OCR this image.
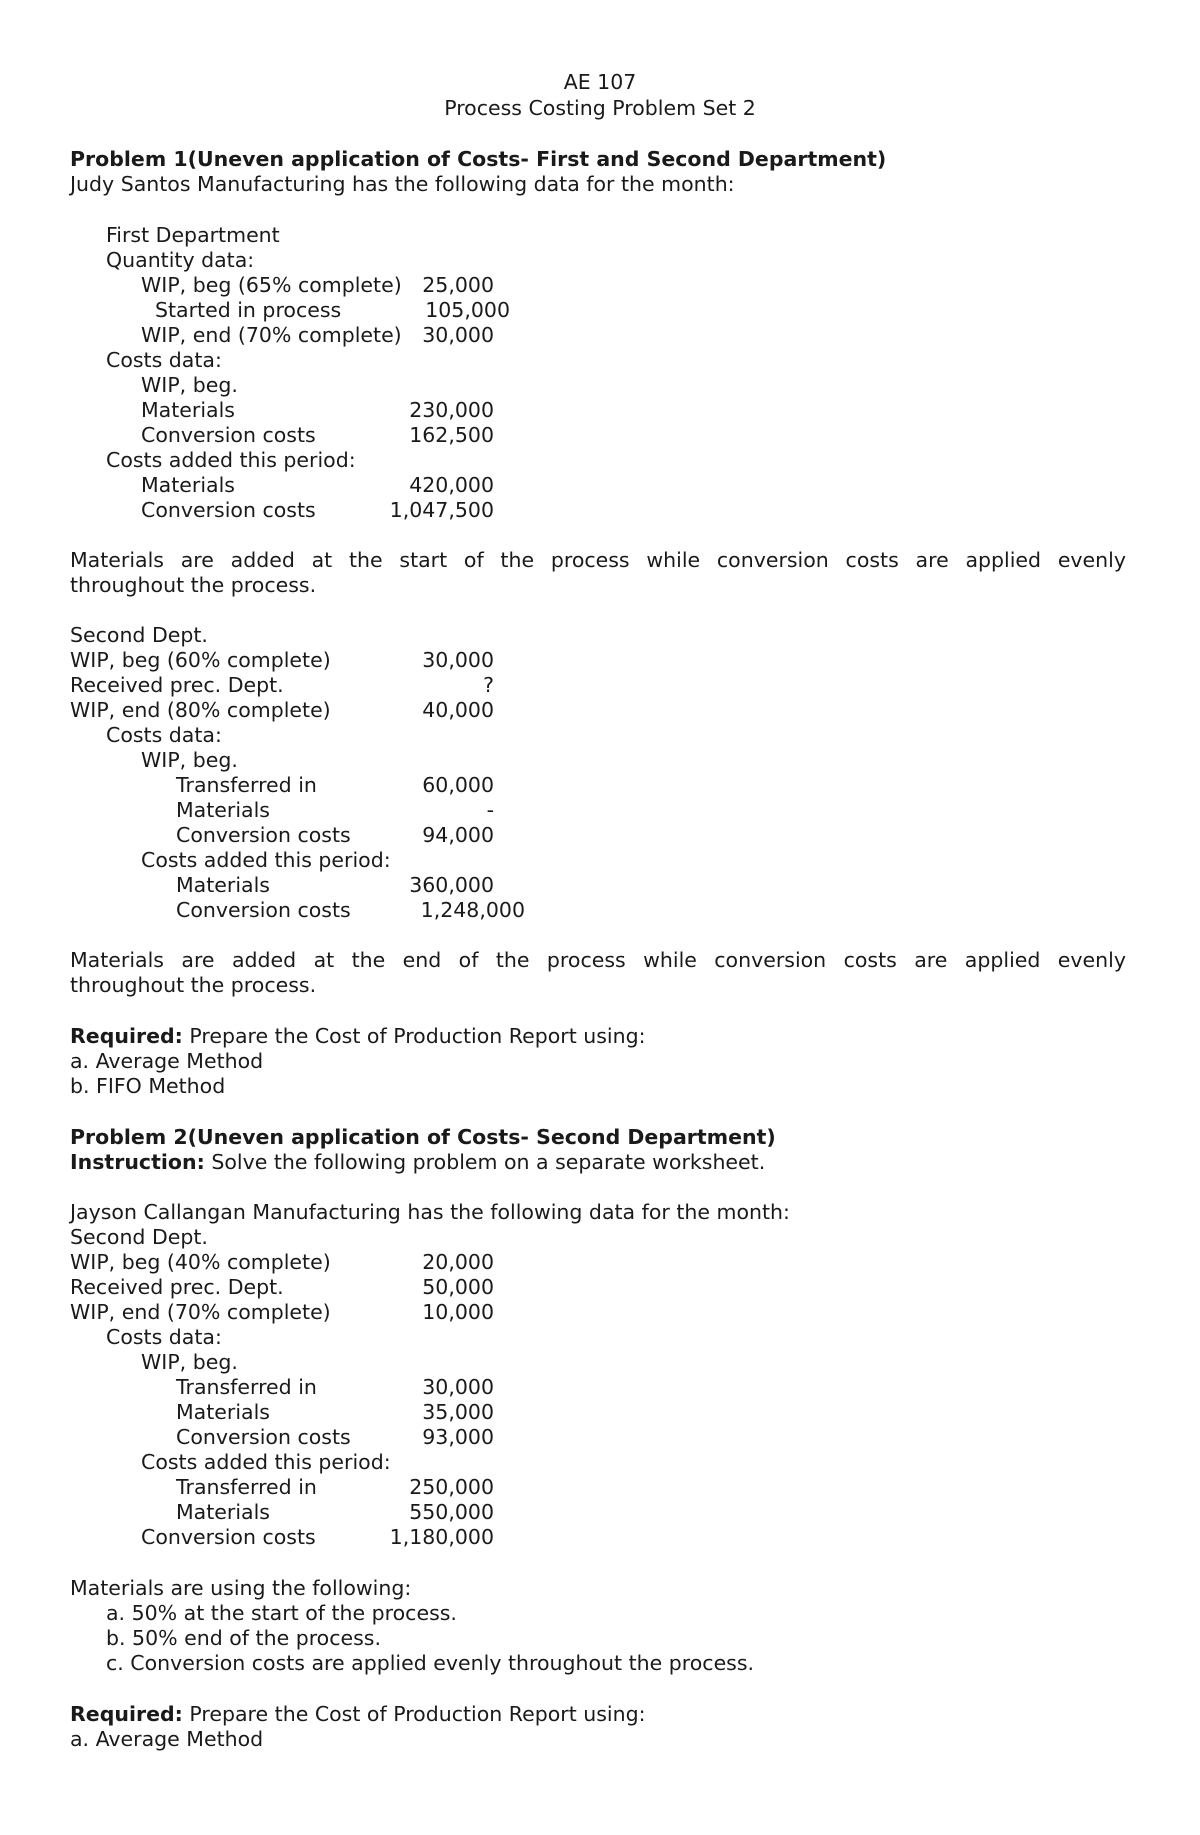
AE 107
Process Costing Problem Set 2
Problem 1(Uneven application of Costs- First and Second Department)
Judy Santos Manufacturing has the following data for the month:
First Department
Quantity data:
WIP, beg (65% complete) 25,000
Started in process	105,000
WIP, end (70% complete) 30,000
Costs data:
WIP, beg.
Materials	230,000
Conversion costs	162,500
Costs added this period:
Materials	420,000
Conversion costs	1,047,500
Materials are added at the start of the process while conversion costs are applied evenly
throughout the process.
Second Dept.
WIP, beg (60% complete)	30,000
Received prec. Dept.	?
WIP, end (80% complete)	40,000
Costs data:
WIP, beg.
Transferred in	60,000
Materials	-
Conversion costs	94,000
Costs added this period:
Materials	360,000
Conversion costs	1,248,000
Materials are added at the end of the process while conversion costs are applied evenly
throughout the process.
Required: Prepare the Cost of Production Report using:
a. Average Method
b. FIFO Method
Problem 2(Uneven application of Costs- Second Department)
Instruction: Solve the following problem on a separate worksheet.
Jayson Callangan Manufacturing has the following data for the month:
Second Dept.
WIP, beg (40% complete)	20,000
Received prec. Dept.	50,000
WIP, end (70% complete)	10,000
Costs data:
WIP, beg.
Transferred in	30,000
Materials	35,000
Conversion costs	93,000
Costs added this period:
Transferred in	250,000
Materials	550,000
Conversion costs	1,180,000
Materials are using the following:
a. 50% at the start of the process.
b. 50% end of the process.
c. Conversion costs are applied evenly throughout the process.
Required: Prepare the Cost of Production Report using:
a. Average Method
